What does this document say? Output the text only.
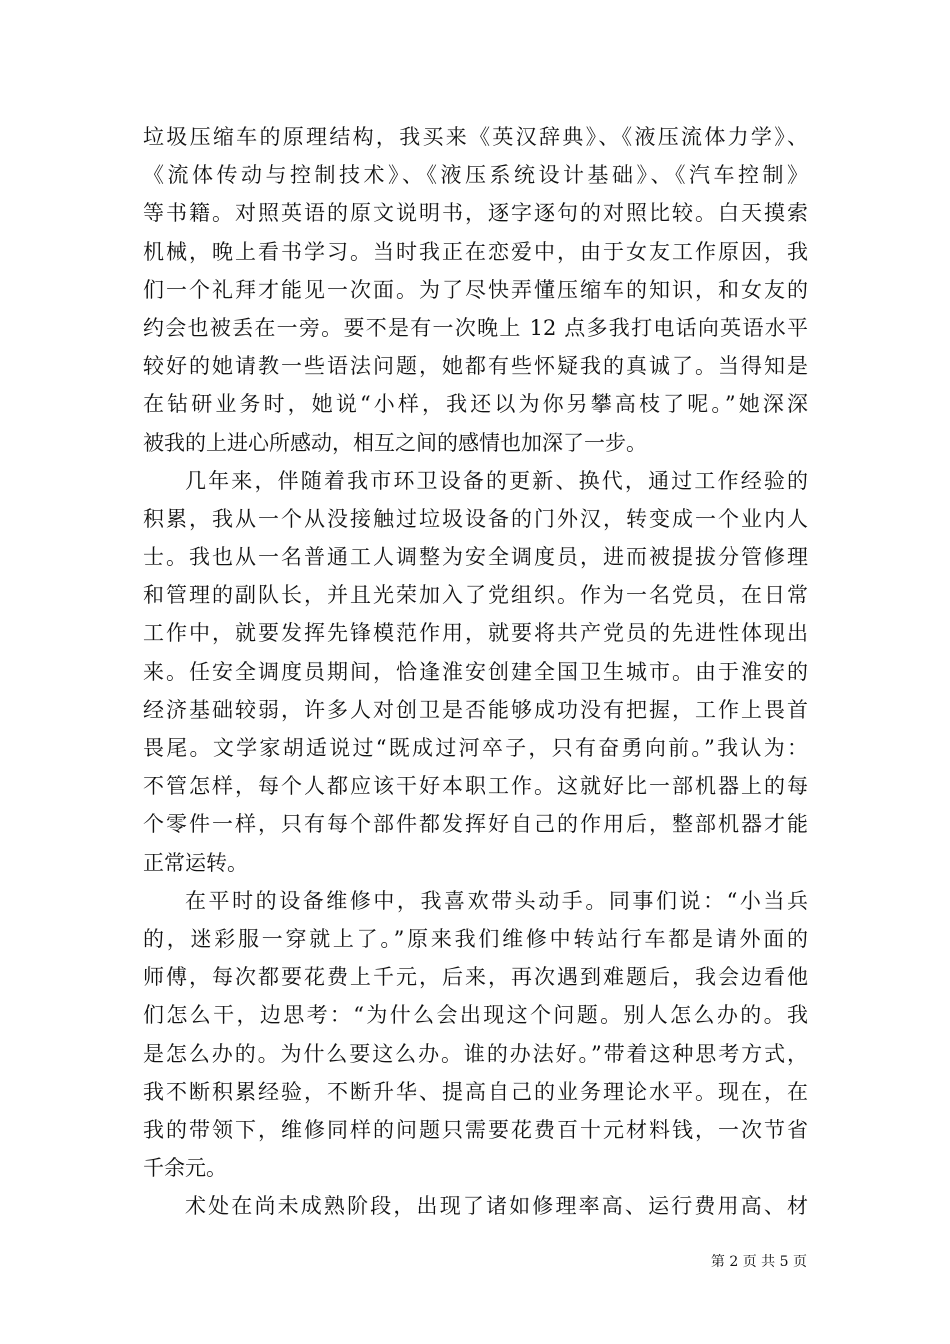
垃圾压缩车的原理结构，我买来《英汉辞典》、《液压流体力学》、
《流体传动与控制技术》、《液压系统设计基础》、《汽车控制》
等书籍。对照英语的原文说明书，逐字逐句的对照比较。白天摸索
机械，晚上看书学习。当时我正在恋爱中，由于女友工作原因，我
们一个礼拜才能见一次面。为了尽快弄懂压缩车的知识，和女友的
约会也被丢在一旁。要不是有一次晚上 12 点多我打电话向英语水平
较好的她请教一些语法问题，她都有些怀疑我的真诚了。当得知是
在钻研业务时，她说“小样，我还以为你另攀高枝了呢。”她深深
被我的上进心所感动，相互之间的感情也加深了一步。
几年来，伴随着我市环卫设备的更新、换代，通过工作经验的
积累，我从一个从没接触过垃圾设备的门外汉，转变成一个业内人
士。我也从一名普通工人调整为安全调度员，进而被提拔分管修理
和管理的副队长，并且光荣加入了党组织。作为一名党员，在日常
工作中，就要发挥先锋模范作用，就要将共产党员的先进性体现出
来。任安全调度员期间，恰逢淮安创建全国卫生城市。由于淮安的
经济基础较弱，许多人对创卫是否能够成功没有把握，工作上畏首
畏尾。文学家胡适说过“既成过河卒子，只有奋勇向前。”我认为：
不管怎样，每个人都应该干好本职工作。这就好比一部机器上的每
个零件一样，只有每个部件都发挥好自己的作用后，整部机器才能
正常运转。
在平时的设备维修中，我喜欢带头动手。同事们说：“小当兵
的，迷彩服一穿就上了。”原来我们维修中转站行车都是请外面的
师傅，每次都要花费上千元，后来，再次遇到难题后，我会边看他
们怎么干，边思考：“为什么会出现这个问题。别人怎么办的。我
是怎么办的。为什么要这么办。谁的办法好。”带着这种思考方式，
我不断积累经验，不断升华、提高自己的业务理论水平。现在，在
我的带领下，维修同样的问题只需要花费百十元材料钱，一次节省
千余元。
术处在尚未成熟阶段，出现了诸如修理率高、运行费用高、材
第 2 页 共 5 页
